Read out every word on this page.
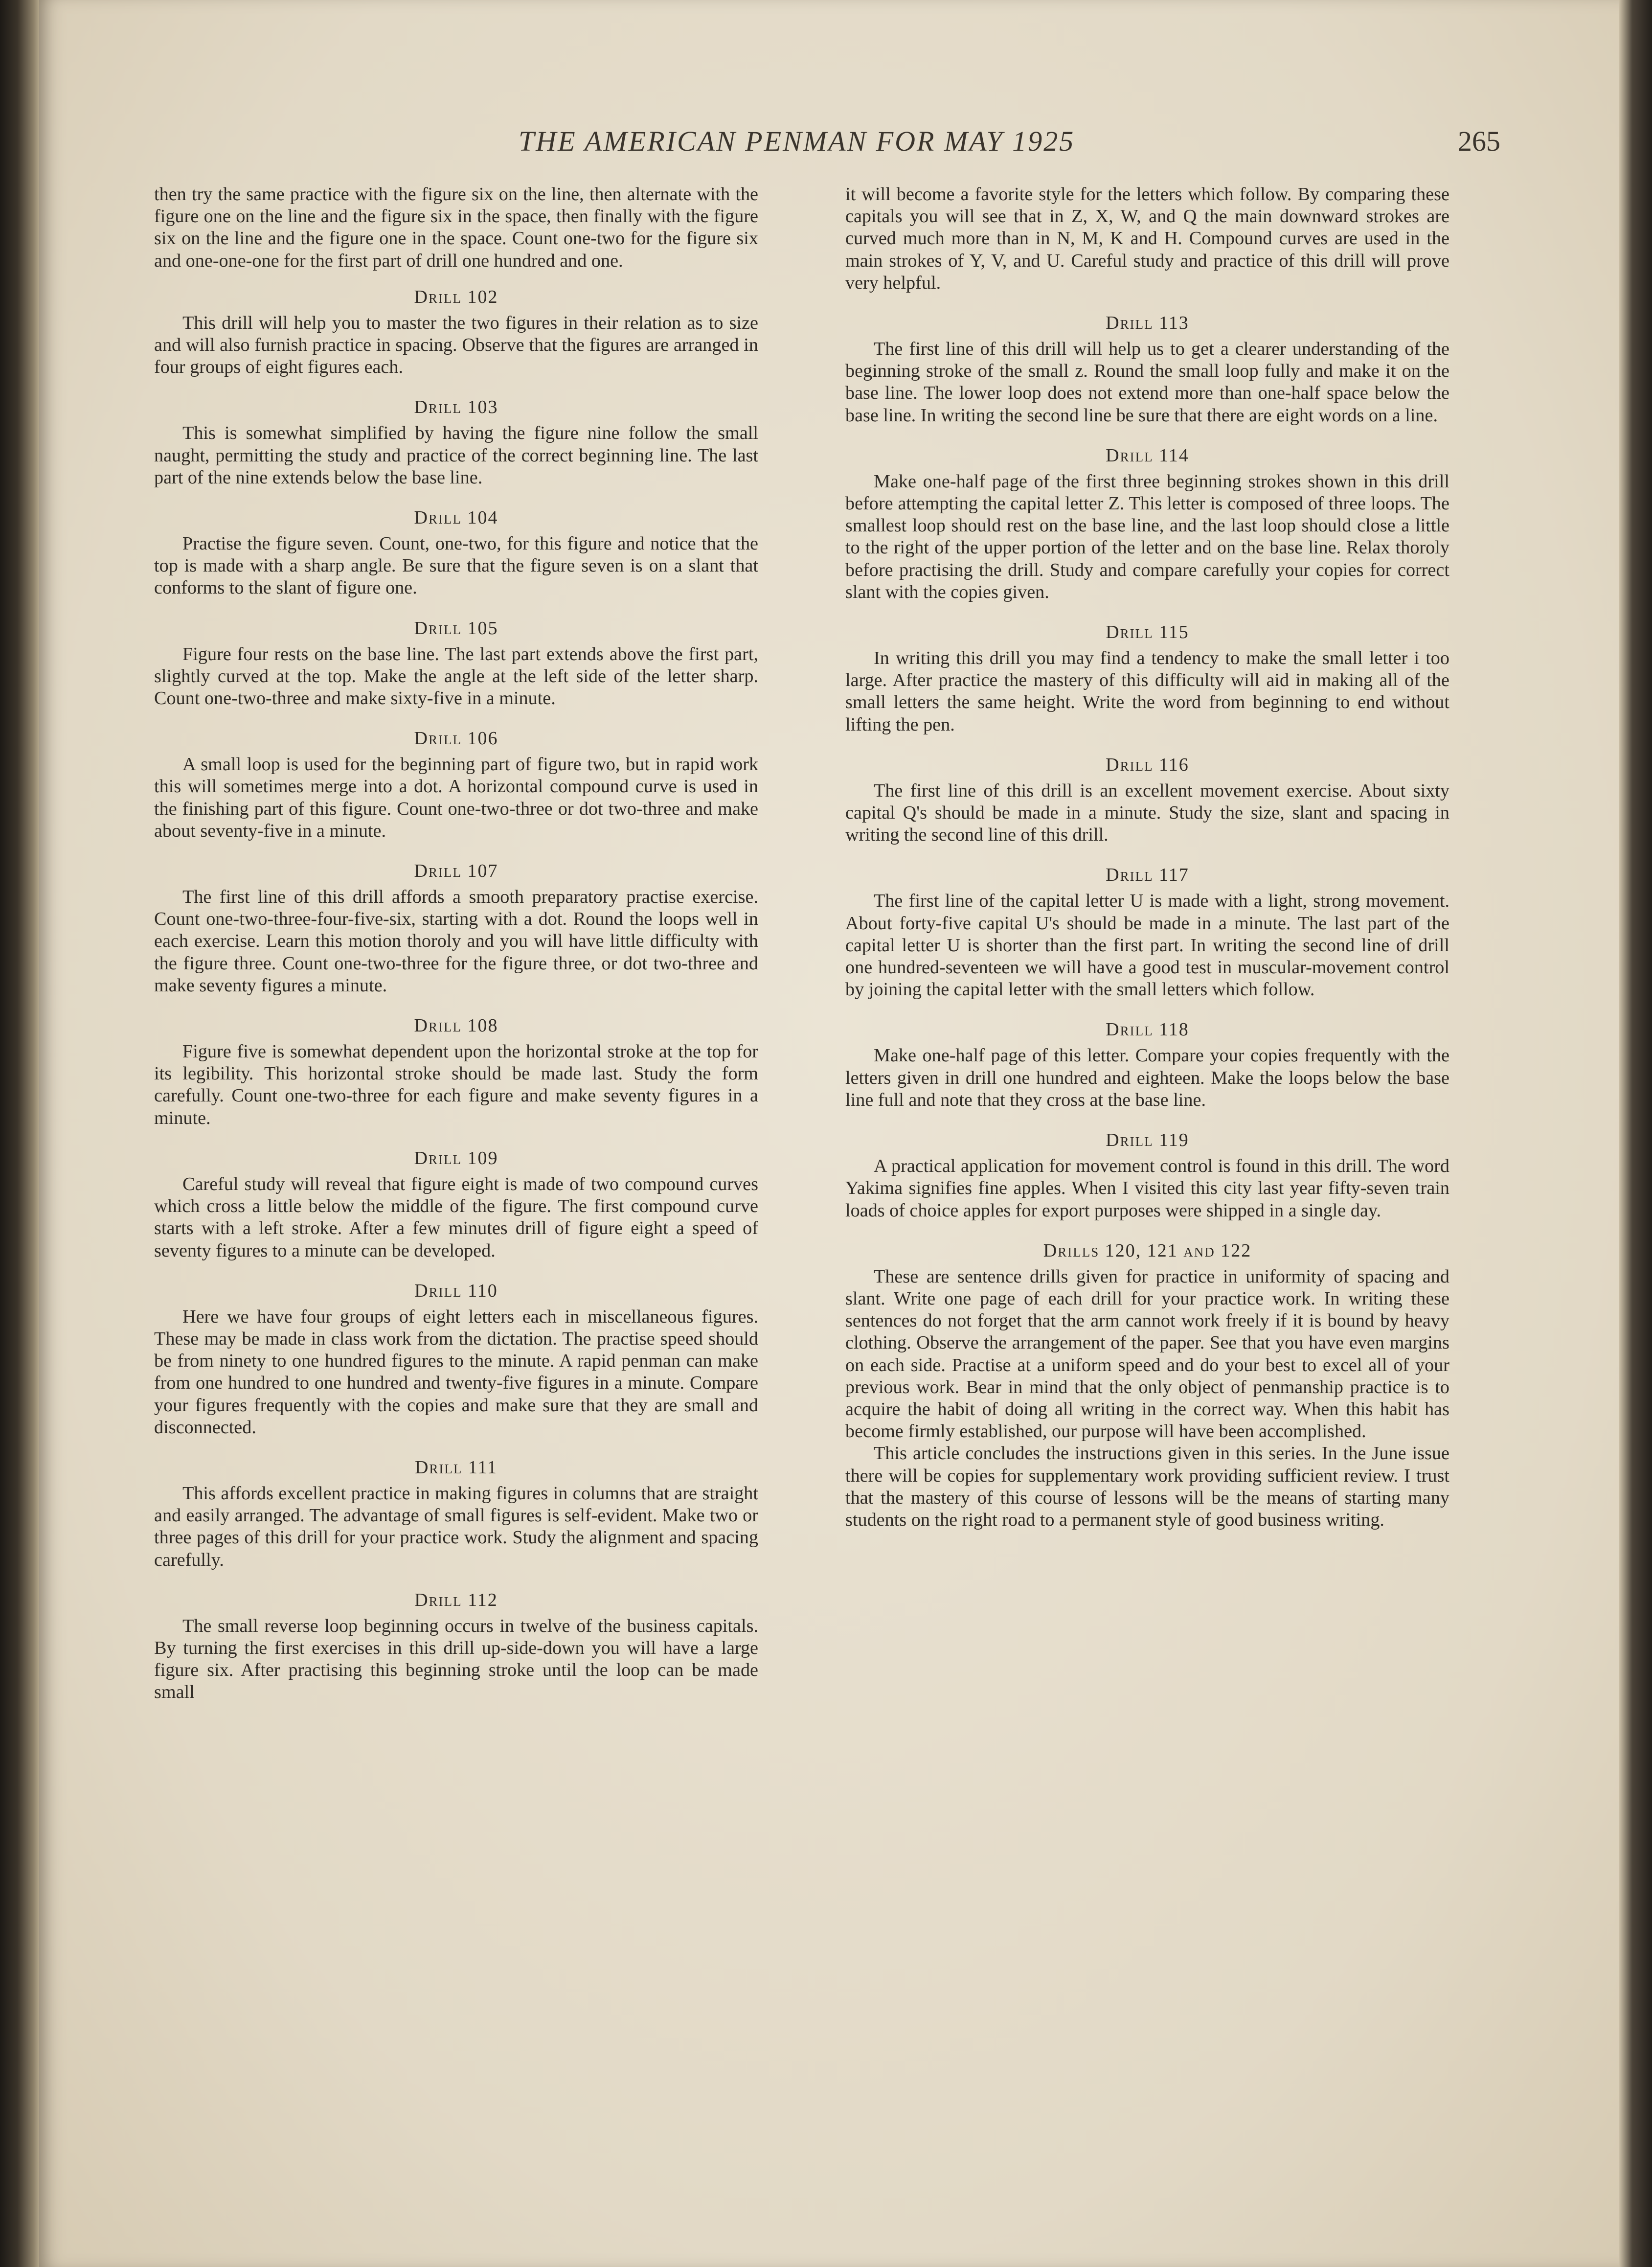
THE AMERICAN PENMAN FOR MAY 1925	265

then try the same practice with the figure six on the line, then alternate with the figure one on the line and the figure six in the space, then finally with the figure six on the line and the figure one in the space. Count one-two for the figure six and one-one-one for the first part of drill one hundred and one.

Drill 102

This drill will help you to master the two figures in their relation as to size and will also furnish practice in spacing. Observe that the figures are arranged in four groups of eight figures each.

Drill 103

This is somewhat simplified by having the figure nine follow the small naught, permitting the study and practice of the correct beginning line. The last part of the nine extends below the base line.

Drill 104

Practise the figure seven. Count, one-two, for this figure and notice that the top is made with a sharp angle. Be sure that the figure seven is on a slant that conforms to the slant of figure one.

Drill 105

Figure four rests on the base line. The last part extends above the first part, slightly curved at the top. Make the angle at the left side of the letter sharp. Count one-two-three and make sixty-five in a minute.

Drill 106

A small loop is used for the beginning part of figure two, but in rapid work this will sometimes merge into a dot. A horizontal compound curve is used in the finishing part of this figure. Count one-two-three or dot two-three and make about seventy-five in a minute.

Drill 107

The first line of this drill affords a smooth preparatory practise exercise. Count one-two-three-four-five-six, starting with a dot. Round the loops well in each exercise. Learn this motion thoroly and you will have little difficulty with the figure three. Count one-two-three for the figure three, or dot two-three and make seventy figures a minute.

Drill 108

Figure five is somewhat dependent upon the horizontal stroke at the top for its legibility. This horizontal stroke should be made last. Study the form carefully. Count one-two-three for each figure and make seventy figures in a minute.

Drill 109

Careful study will reveal that figure eight is made of two compound curves which cross a little below the middle of the figure. The first compound curve starts with a left stroke. After a few minutes drill of figure eight a speed of seventy figures to a minute can be developed.

Drill 110

Here we have four groups of eight letters each in miscellaneous figures. These may be made in class work from the dictation. The practise speed should be from ninety to one hundred figures to the minute. A rapid penman can make from one hundred to one hundred and twenty-five figures in a minute. Compare your figures frequently with the copies and make sure that they are small and disconnected.

Drill 111

This affords excellent practice in making figures in columns that are straight and easily arranged. The advantage of small figures is self-evident. Make two or three pages of this drill for your practice work. Study the alignment and spacing carefully.

Drill 112

The small reverse loop beginning occurs in twelve of the business capitals. By turning the first exercises in this drill up-side-down you will have a large figure six. After practising this beginning stroke until the loop can be made small

it will become a favorite style for the letters which follow. By comparing these capitals you will see that in Z, X, W, and Q the main downward strokes are curved much more than in N, M, K and H. Compound curves are used in the main strokes of Y, V, and U. Careful study and practice of this drill will prove very helpful.

Drill 113

The first line of this drill will help us to get a clearer understanding of the beginning stroke of the small z. Round the small loop fully and make it on the base line. The lower loop does not extend more than one-half space below the base line. In writing the second line be sure that there are eight words on a line.

Drill 114

Make one-half page of the first three beginning strokes shown in this drill before attempting the capital letter Z. This letter is composed of three loops. The smallest loop should rest on the base line, and the last loop should close a little to the right of the upper portion of the letter and on the base line. Relax thoroly before practising the drill. Study and compare carefully your copies for correct slant with the copies given.

Drill 115

In writing this drill you may find a tendency to make the small letter i too large. After practice the mastery of this difficulty will aid in making all of the small letters the same height. Write the word from beginning to end without lifting the pen.

Drill 116

The first line of this drill is an excellent movement exercise. About sixty capital Q's should be made in a minute. Study the size, slant and spacing in writing the second line of this drill.

Drill 117

The first line of the capital letter U is made with a light, strong movement. About forty-five capital U's should be made in a minute. The last part of the capital letter U is shorter than the first part. In writing the second line of drill one hundred-seventeen we will have a good test in muscular-movement control by joining the capital letter with the small letters which follow.

Drill 118

Make one-half page of this letter. Compare your copies frequently with the letters given in drill one hundred and eighteen. Make the loops below the base line full and note that they cross at the base line.

Drill 119

A practical application for movement control is found in this drill. The word Yakima signifies fine apples. When I visited this city last year fifty-seven train loads of choice apples for export purposes were shipped in a single day.

Drills 120, 121 and 122

These are sentence drills given for practice in uniformity of spacing and slant. Write one page of each drill for your practice work. In writing these sentences do not forget that the arm cannot work freely if it is bound by heavy clothing. Observe the arrangement of the paper. See that you have even margins on each side. Practise at a uniform speed and do your best to excel all of your previous work. Bear in mind that the only object of penmanship practice is to acquire the habit of doing all writing in the correct way. When this habit has become firmly established, our purpose will have been accomplished.

This article concludes the instructions given in this series. In the June issue there will be copies for supplementary work providing sufficient review. I trust that the mastery of this course of lessons will be the means of starting many students on the right road to a permanent style of good business writing.
